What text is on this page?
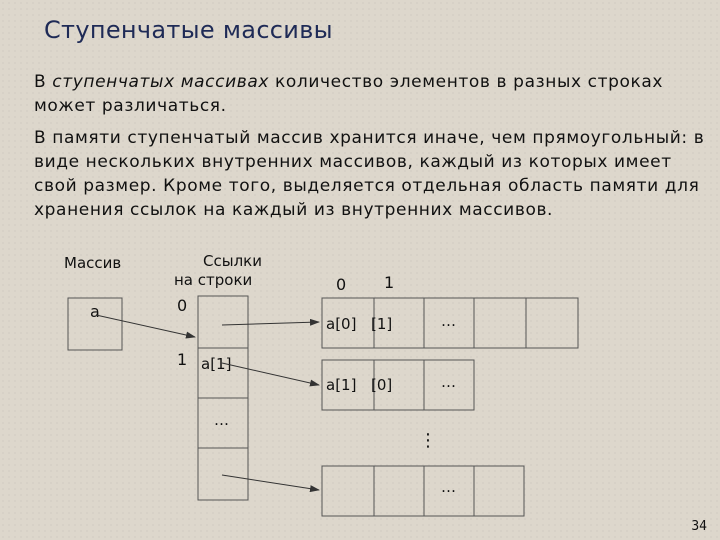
Ступенчатые массивы

В ступенчатых массивах количество элементов в разных строках может различаться.

В памяти ступенчатый массив хранится иначе, чем прямоугольный: в виде нескольких внутренних массивов, каждый из которых имеет свой размер. Кроме того, выделяется отдельная область памяти для хранения ссылок на каждый из внутренних массивов.

Массив	Ссылки
на строки
a	0
1 a[1]
…
0 1
a[0] [1]	…
a[1] [0]	…
⋮
…
34
